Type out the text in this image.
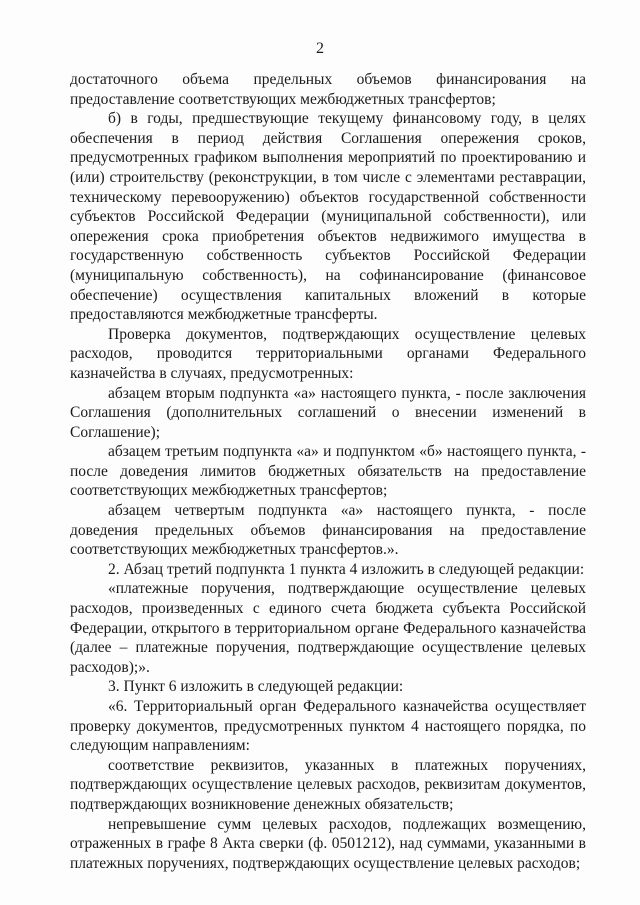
2

достаточного объема предельных объемов финансирования на предоставление соответствующих межбюджетных трансфертов;

б) в годы, предшествующие текущему финансовому году, в целях обеспечения в период действия Соглашения опережения сроков, предусмотренных графиком выполнения мероприятий по проектированию и (или) строительству (реконструкции, в том числе с элементами реставрации, техническому перевооружению) объектов государственной собственности субъектов Российской Федерации (муниципальной собственности), или опережения срока приобретения объектов недвижимого имущества в государственную собственность субъектов Российской Федерации (муниципальную собственность), на софинансирование (финансовое обеспечение) осуществления капитальных вложений в которые предоставляются межбюджетные трансферты.

Проверка документов, подтверждающих осуществление целевых расходов, проводится территориальными органами Федерального казначейства в случаях, предусмотренных:

абзацем вторым подпункта «а» настоящего пункта, - после заключения Соглашения (дополнительных соглашений о внесении изменений в Соглашение);

абзацем третьим подпункта «а» и подпунктом «б» настоящего пункта, - после доведения лимитов бюджетных обязательств на предоставление соответствующих межбюджетных трансфертов;

абзацем четвертым подпункта «а» настоящего пункта, - после доведения предельных объемов финансирования на предоставление соответствующих межбюджетных трансфертов.».

2. Абзац третий подпункта 1 пункта 4 изложить в следующей редакции:

«платежные поручения, подтверждающие осуществление целевых расходов, произведенных с единого счета бюджета субъекта Российской Федерации, открытого в территориальном органе Федерального казначейства (далее – платежные поручения, подтверждающие осуществление целевых расходов);».

3. Пункт 6 изложить в следующей редакции:

«6. Территориальный орган Федерального казначейства осуществляет проверку документов, предусмотренных пунктом 4 настоящего порядка, по следующим направлениям:

соответствие реквизитов, указанных в платежных поручениях, подтверждающих осуществление целевых расходов, реквизитам документов, подтверждающих возникновение денежных обязательств;

непревышение сумм целевых расходов, подлежащих возмещению, отраженных в графе 8 Акта сверки (ф. 0501212), над суммами, указанными в платежных поручениях, подтверждающих осуществление целевых расходов;
